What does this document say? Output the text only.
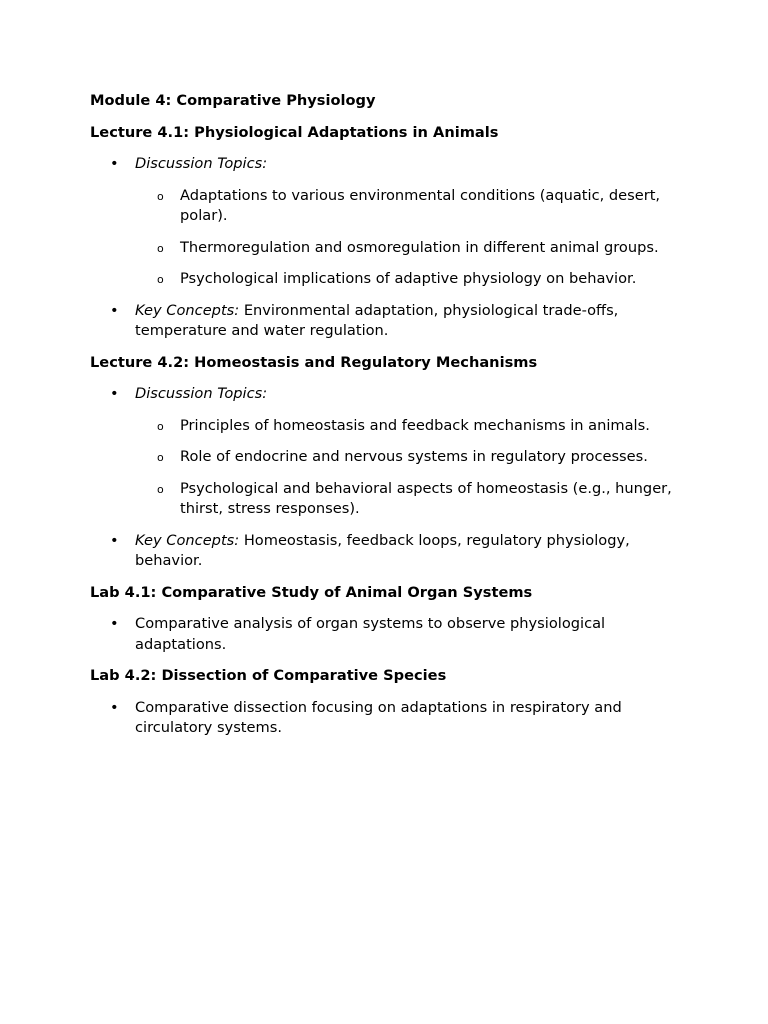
Module 4: Comparative Physiology
Lecture 4.1: Physiological Adaptations in Animals
• Discussion Topics:
o Adaptations to various environmental conditions (aquatic, desert, polar).
o Thermoregulation and osmoregulation in different animal groups.
o Psychological implications of adaptive physiology on behavior.
• Key Concepts: Environmental adaptation, physiological trade-offs, temperature and water regulation.
Lecture 4.2: Homeostasis and Regulatory Mechanisms
• Discussion Topics:
o Principles of homeostasis and feedback mechanisms in animals.
o Role of endocrine and nervous systems in regulatory processes.
o Psychological and behavioral aspects of homeostasis (e.g., hunger, thirst, stress responses).
• Key Concepts: Homeostasis, feedback loops, regulatory physiology, behavior.
Lab 4.1: Comparative Study of Animal Organ Systems
• Comparative analysis of organ systems to observe physiological adaptations.
Lab 4.2: Dissection of Comparative Species
• Comparative dissection focusing on adaptations in respiratory and circulatory systems.
